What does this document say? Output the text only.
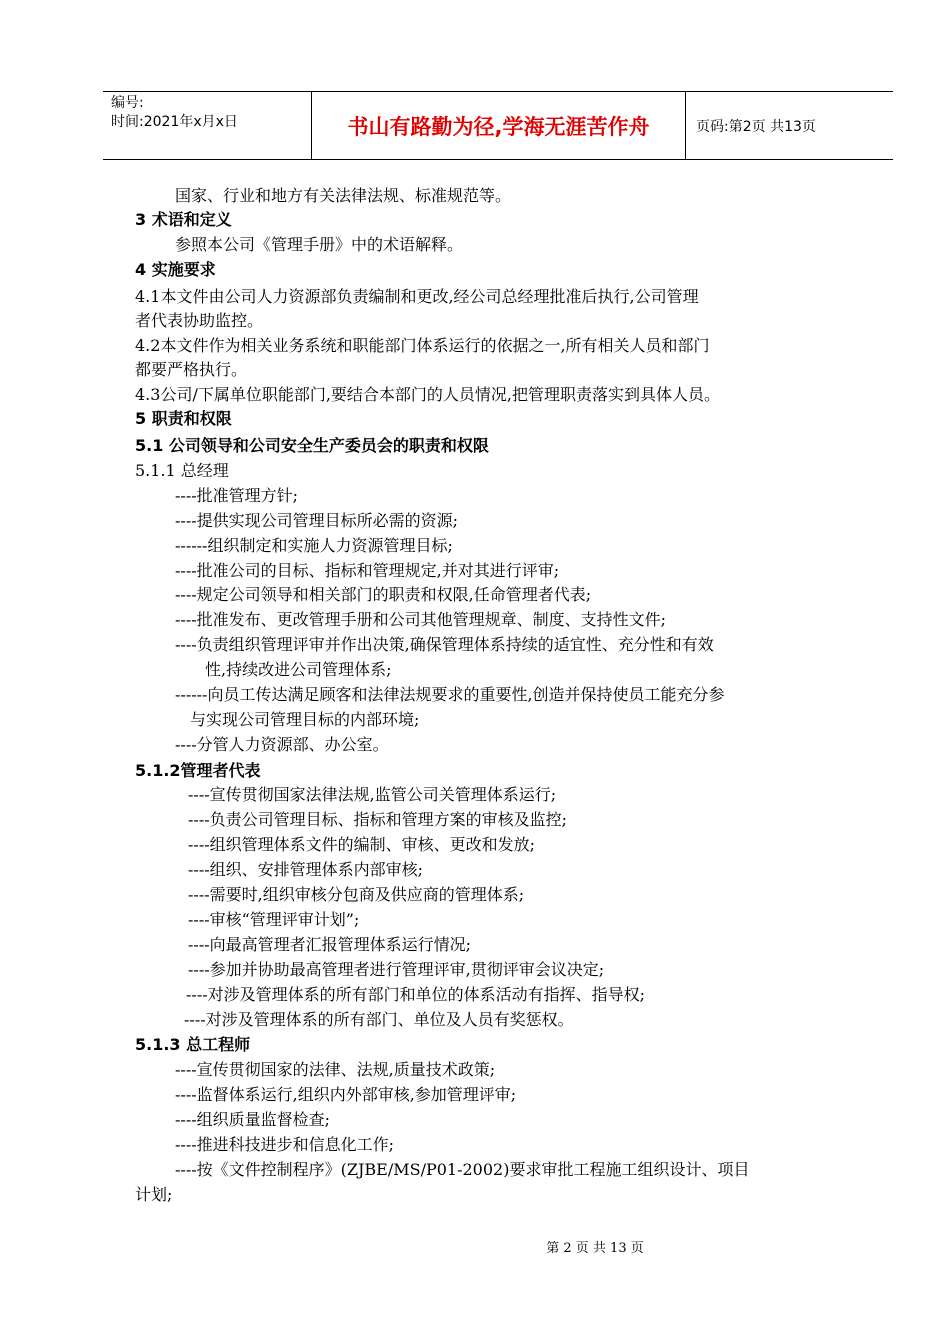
编号:
时间:2021年x月x日	书山有路勤为径,学海无涯苦作舟	页码:第2页 共13页
国家、行业和地方有关法律法规、标准规范等。
3 术语和定义
参照本公司《管理手册》中的术语解释。
4 实施要求
4.1本文件由公司人力资源部负责编制和更改,经公司总经理批准后执行,公司管理
者代表协助监控。
4.2本文件作为相关业务系统和职能部门体系运行的依据之一,所有相关人员和部门
都要严格执行。
4.3公司/下属单位职能部门,要结合本部门的人员情况,把管理职责落实到具体人员。
5 职责和权限
5.1 公司领导和公司安全生产委员会的职责和权限
5.1.1 总经理
----批准管理方针;
----提供实现公司管理目标所必需的资源;
------组织制定和实施人力资源管理目标;
----批准公司的目标、指标和管理规定,并对其进行评审;
----规定公司领导和相关部门的职责和权限,任命管理者代表;
----批准发布、更改管理手册和公司其他管理规章、制度、支持性文件;
----负责组织管理评审并作出决策,确保管理体系持续的适宜性、充分性和有效
性,持续改进公司管理体系;
------向员工传达满足顾客和法律法规要求的重要性,创造并保持使员工能充分参
与实现公司管理目标的内部环境;
----分管人力资源部、办公室。
5.1.2管理者代表
----宣传贯彻国家法律法规,监管公司关管理体系运行;
----负责公司管理目标、指标和管理方案的审核及监控;
----组织管理体系文件的编制、审核、更改和发放;
----组织、安排管理体系内部审核;
----需要时,组织审核分包商及供应商的管理体系;
----审核“管理评审计划”;
----向最高管理者汇报管理体系运行情况;
----参加并协助最高管理者进行管理评审,贯彻评审会议决定;
----对涉及管理体系的所有部门和单位的体系活动有指挥、指导权;
----对涉及管理体系的所有部门、单位及人员有奖惩权。
5.1.3 总工程师
----宣传贯彻国家的法律、法规,质量技术政策;
----监督体系运行,组织内外部审核,参加管理评审;
----组织质量监督检查;
----推进科技进步和信息化工作;
----按《文件控制程序》(ZJBE/MS/P01-2002)要求审批工程施工组织设计、项目
计划;
第 2 页 共 13 页
